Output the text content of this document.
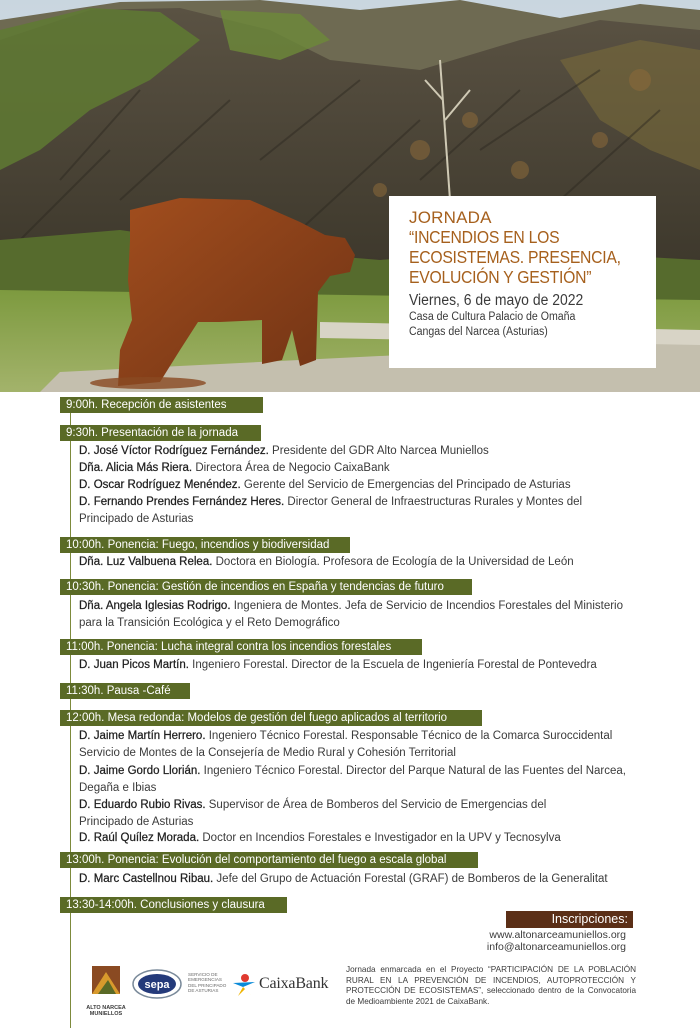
JORNADA
“INCENDIOS EN LOS
ECOSISTEMAS. PRESENCIA,
EVOLUCIÓN Y GESTIÓN”
Viernes, 6 de mayo de 2022
Casa de Cultura Palacio de Omaña
Cangas del Narcea (Asturias)
9:00h. Recepción de asistentes
9:30h. Presentación de la jornada
D. José Víctor Rodríguez Fernández. Presidente del GDR Alto Narcea Muniellos
Dña. Alicia Más Riera. Directora Área de Negocio CaixaBank
D. Oscar Rodríguez Menéndez. Gerente del Servicio de Emergencias del Principado de Asturias
D. Fernando Prendes Fernández Heres. Director General de Infraestructuras Rurales y Montes del
Principado de Asturias
10:00h. Ponencia: Fuego, incendios y biodiversidad
Dña. Luz Valbuena Relea. Doctora en Biología. Profesora de Ecología de la Universidad de León
10:30h. Ponencia: Gestión de incendios en España y tendencias de futuro
Dña. Angela Iglesias Rodrigo. Ingeniera de Montes. Jefa de Servicio de Incendios Forestales del Ministerio
para la Transición Ecológica y el Reto Demográfico
11:00h. Ponencia: Lucha integral contra los incendios forestales
D. Juan Picos Martín. Ingeniero Forestal. Director de la Escuela de Ingeniería Forestal de Pontevedra
11:30h. Pausa -Café
12:00h. Mesa redonda: Modelos de gestión del fuego aplicados al territorio
D. Jaime Martín Herrero. Ingeniero Técnico Forestal. Responsable Técnico de la Comarca Suroccidental
Servicio de Montes de la Consejería de Medio Rural y Cohesión Territorial
D. Jaime Gordo Llorián. Ingeniero Técnico Forestal. Director del Parque Natural de las Fuentes del Narcea,
Degaña e Ibias
D. Eduardo Rubio Rivas. Supervisor de Área de Bomberos del Servicio de Emergencias del
Principado de Asturias
D. Raúl Quílez Morada. Doctor en Incendios Forestales e Investigador en la UPV y Tecnosylva
13:00h. Ponencia: Evolución del comportamiento del fuego a escala global
D. Marc Castellnou Ribau. Jefe del Grupo de Actuación Forestal (GRAF) de Bomberos de la Generalitat
13:30-14:00h. Conclusiones y clausura
Inscripciones:
www.altonarceamuniellos.org
info@altonarceamuniellos.org
ALTO NARCEA MUNIELLOS
sepa
SERVICIO DE EMERGENCIAS DEL PRINCIPADO DE ASTURIAS	CaixaBank
Jornada enmarcada en el Proyecto “PARTICIPACIÓN DE LA POBLACIÓN RURAL EN LA PREVENCIÓN DE INCENDIOS, AUTOPROTECCIÓN Y PROTECCIÓN DE ECOSISTEMAS”, seleccionado dentro de la Convocatoria de Medioambiente 2021 de CaixaBank.
